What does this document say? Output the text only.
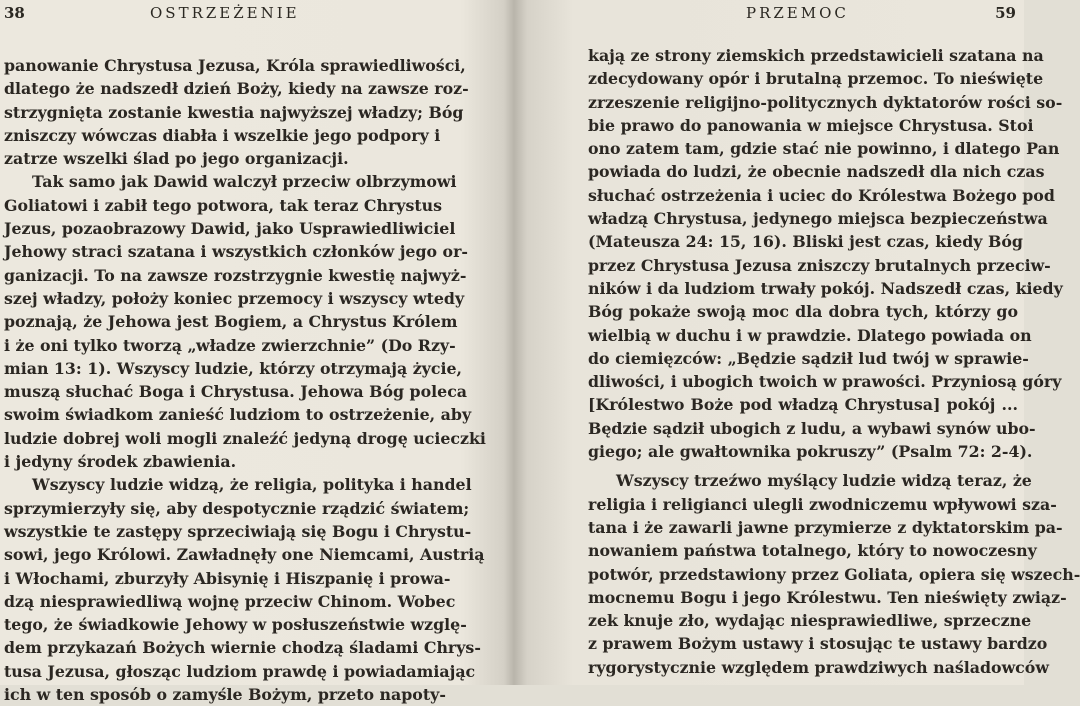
38	OSTRZEŻENIE
panowanie Chrystusa Jezusa, Króla sprawiedliwości,
dlatego że nadszedł dzień Boży, kiedy na zawsze roz-
strzygnięta zostanie kwestia najwyższej władzy; Bóg
zniszczy wówczas diabła i wszelkie jego podpory i
zatrze wszelki ślad po jego organizacji.
Tak samo jak Dawid walczył przeciw olbrzymowi
Goliatowi i zabił tego potwora, tak teraz Chrystus
Jezus, pozaobrazowy Dawid, jako Usprawiedliwiciel
Jehowy straci szatana i wszystkich członków jego or-
ganizacji. To na zawsze rozstrzygnie kwestię najwyż-
szej władzy, położy koniec przemocy i wszyscy wtedy
poznają, że Jehowa jest Bogiem, a Chrystus Królem
i że oni tylko tworzą „władze zwierzchnie” (Do Rzy-
mian 13: 1). Wszyscy ludzie, którzy otrzymają życie,
muszą słuchać Boga i Chrystusa. Jehowa Bóg poleca
swoim świadkom zanieść ludziom to ostrzeżenie, aby
ludzie dobrej woli mogli znaleźć jedyną drogę ucieczki
i jedyny środek zbawienia.
Wszyscy ludzie widzą, że religia, polityka i handel
sprzymierzyły się, aby despotycznie rządzić światem;
wszystkie te zastępy sprzeciwiają się Bogu i Chrystu-
sowi, jego Królowi. Zawładnęły one Niemcami, Austrią
i Włochami, zburzyły Abisynię i Hiszpanię i prowa-
dzą niesprawiedliwą wojnę przeciw Chinom. Wobec
tego, że świadkowie Jehowy w posłuszeństwie wzglę-
dem przykazań Bożych wiernie chodzą śladami Chrys-
tusa Jezusa, głosząc ludziom prawdę i powiadamiając
ich w ten sposób o zamyśle Bożym, przeto napoty-
PRZEMOC	59
kają ze strony ziemskich przedstawicieli szatana na
zdecydowany opór i brutalną przemoc. To nieświęte
zrzeszenie religijno-politycznych dyktatorów rości so-
bie prawo do panowania w miejsce Chrystusa. Stoi
ono zatem tam, gdzie stać nie powinno, i dlatego Pan
powiada do ludzi, że obecnie nadszedł dla nich czas
słuchać ostrzeżenia i uciec do Królestwa Bożego pod
władzą Chrystusa, jedynego miejsca bezpieczeństwa
(Mateusza 24: 15, 16). Bliski jest czas, kiedy Bóg
przez Chrystusa Jezusa zniszczy brutalnych przeciw-
ników i da ludziom trwały pokój. Nadszedł czas, kiedy
Bóg pokaże swoją moc dla dobra tych, którzy go
wielbią w duchu i w prawdzie. Dlatego powiada on
do ciemięzców: „Będzie sądził lud twój w sprawie-
dliwości, i ubogich twoich w prawości. Przyniosą góry
[Królestwo Boże pod władzą Chrystusa] pokój ...
Będzie sądził ubogich z ludu, a wybawi synów ubo-
giego; ale gwałtownika pokruszy” (Psalm 72: 2-4).
Wszyscy trzeźwo myślący ludzie widzą teraz, że
religia i religianci ulegli zwodniczemu wpływowi sza-
tana i że zawarli jawne przymierze z dyktatorskim pa-
nowaniem państwa totalnego, który to nowoczesny
potwór, przedstawiony przez Goliata, opiera się wszech-
mocnemu Bogu i jego Królestwu. Ten nieświęty związ-
zek knuje zło, wydając niesprawiedliwe, sprzeczne
z prawem Bożym ustawy i stosując te ustawy bardzo
rygorystycznie względem prawdziwych naśladowców
